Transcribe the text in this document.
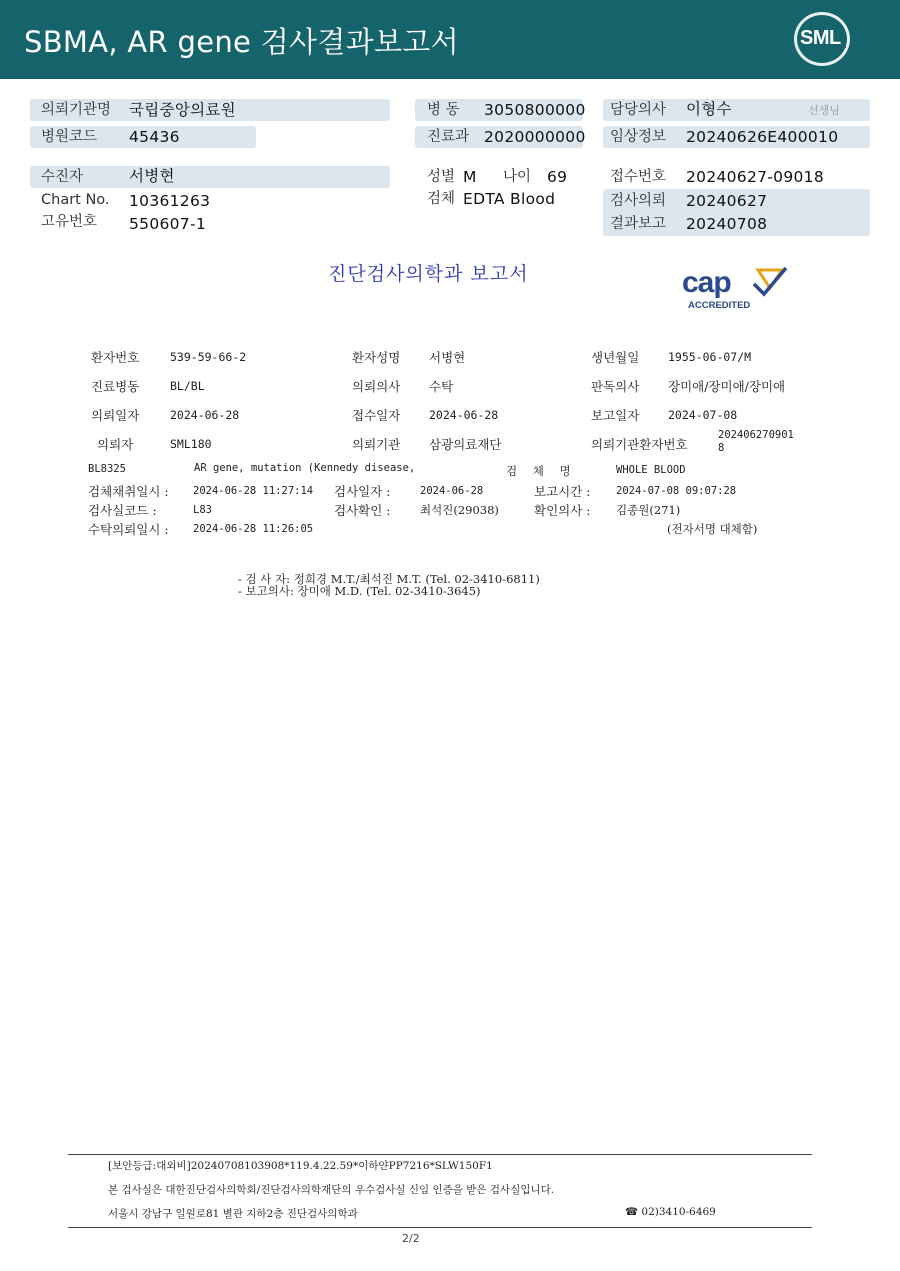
SBMA, AR gene 검사결과보고서	SML
의뢰기관명 국립중앙의료원	병 동 3050800000 담당의사 이형수	선생님
병원코드 45436	진료과 2020000000 임상정보 20240626E400010
수진자	서병현	성별 M 나이 69	접수번호 20240627-09018
Chart No. 10361263	검체 EDTA Blood	검사의뢰 20240627
고유번호 550607-1	결과보고 20240708
진단검사의학과 보고서	cap
ACCREDITED
환자번호	539-59-66-2	환자성명 서병현	생년월일 1955-06-07/M
진료병동	BL/BL	의뢰의사 수탁	판독의사 장미애/장미애/장미애
의뢰일자	2024-06-28	접수일자 2024-06-28	보고일자 2024-07-08
의뢰자	SML180	의뢰기관 삼광의료재단	의뢰기관환자번호
202406270901
8
BL8325	AR gene, mutation (Kennedy disease,	검 체 명	WHOLE BLOOD
검체채취일시 : 2024-06-28 11:27:14 검사일자 :	2024-06-28	보고시간 : 2024-07-08 09:07:28
검사실코드 :	L83	검사확인 :	최석진(29038)	확인의사 : 김종원(271)
수탁의뢰일시 : 2024-06-28 11:26:05	(전자서명 대체함)
- 검 사 자: 정희경 M.T./최석진 M.T. (Tel. 02-3410-6811)
- 보고의사: 장미애 M.D. (Tel. 02-3410-3645)
[보안등급:대외비]20240708103908*119.4.22.59*이하얀PP7216*SLW150F1
본 검사실은 대한진단검사의학회/진단검사의학재단의 우수검사실 신임 인증을 받은 검사실입니다.
서울시 강남구 일원로81 별관 지하2층 진단검사의학과	☎ 02)3410-6469
2/2
